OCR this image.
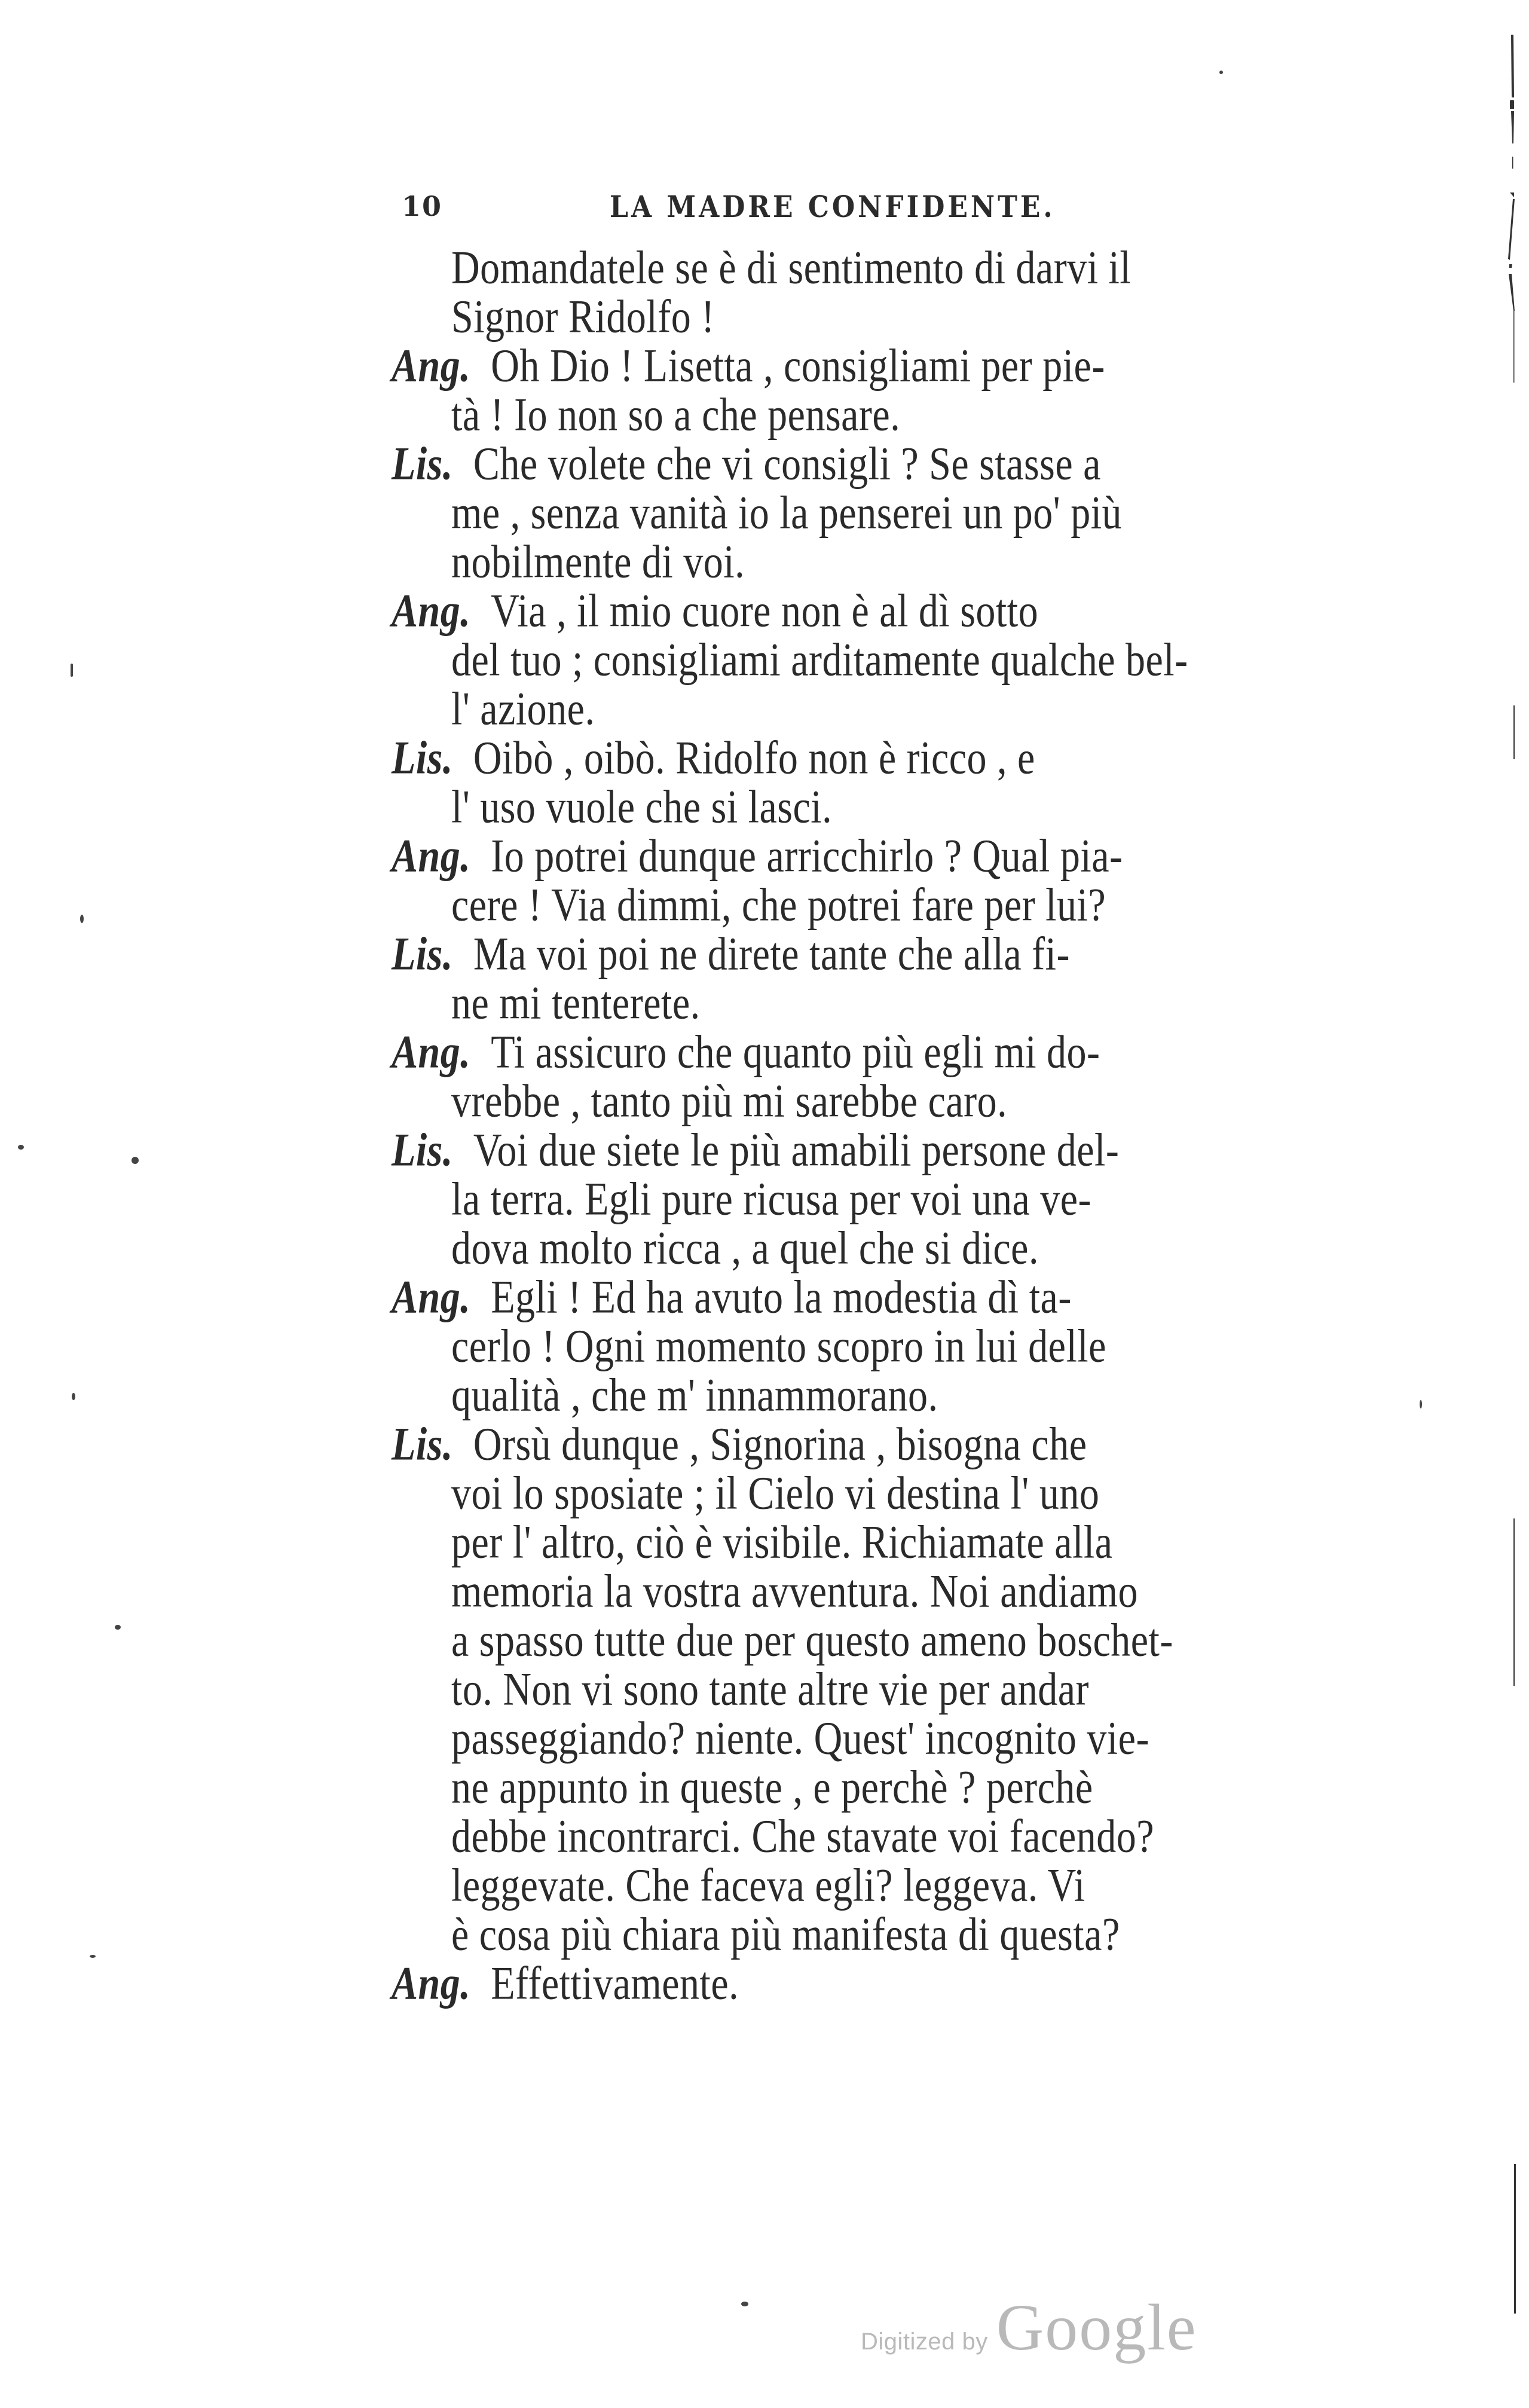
10	LA MADRE CONFIDENTE.
Domandatele se è di sentimento di darvi il
Signor Ridolfo !
Ang. Oh Dio ! Lisetta , consigliami per pie-
tà ! Io non so a che pensare.
Lis. Che volete che vi consigli ? Se stasse a
me , senza vanità io la penserei un po' più
nobilmente di voi.
Ang. Via , il mio cuore non è al dì sotto
del tuo ; consigliami arditamente qualche bel-
l' azione.
Lis. Oibò , oibò. Ridolfo non è ricco , e
l' uso vuole che si lasci.
Ang. Io potrei dunque arricchirlo ? Qual pia-
cere ! Via dimmi, che potrei fare per lui?
Lis. Ma voi poi ne direte tante che alla fi-
ne mi tenterete.
Ang. Ti assicuro che quanto più egli mi do-
vrebbe , tanto più mi sarebbe caro.
Lis. Voi due siete le più amabili persone del-
la terra. Egli pure ricusa per voi una ve-
dova molto ricca , a quel che si dice.
Ang. Egli ! Ed ha avuto la modestia dì ta-
cerlo ! Ogni momento scopro in lui delle
qualità , che m' innammorano.
Lis. Orsù dunque , Signorina , bisogna che
voi lo sposiate ; il Cielo vi destina l' uno
per l' altro, ciò è visibile. Richiamate alla
memoria la vostra avventura. Noi andiamo
a spasso tutte due per questo ameno boschet-
to. Non vi sono tante altre vie per andar
passeggiando? niente. Quest' incognito vie-
ne appunto in queste , e perchè ? perchè
debbe incontrarci. Che stavate voi facendo?
leggevate. Che faceva egli? leggeva. Vi
è cosa più chiara più manifesta di questa?
Ang. Effettivamente.
Digitized by Google
